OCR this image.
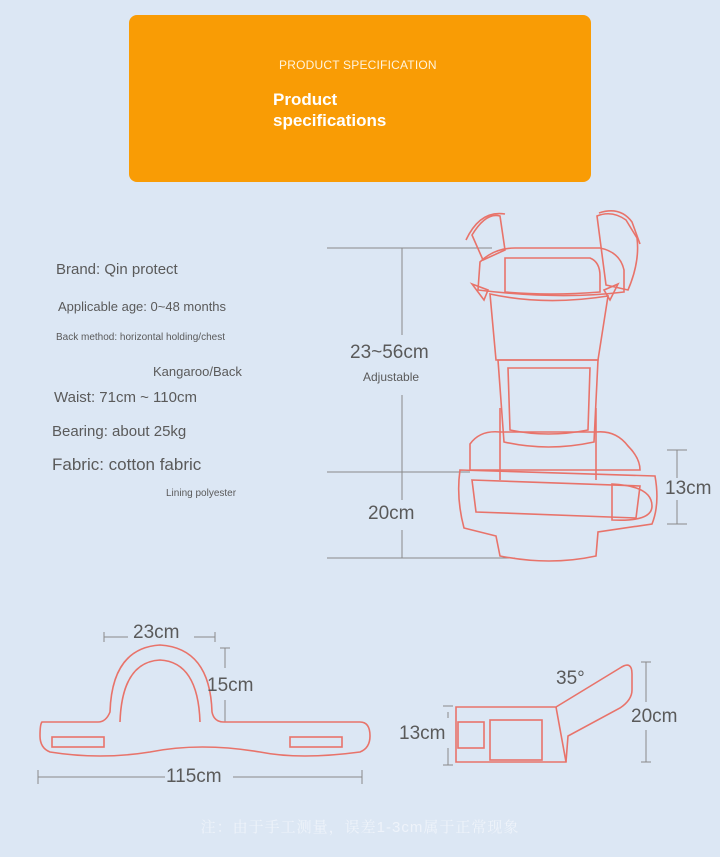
PRODUCT SPECIFICATION
Product
specifications
Brand: Qin protect
Applicable age: 0~48 months
Back method: horizontal holding/chest
Kangaroo/Back
Waist: 71cm ~ 110cm
Bearing: about 25kg
Fabric: cotton fabric
Lining polyester
23~56cm
Adjustable
20cm
13cm
23cm
15cm
115cm
35°
13cm
20cm
注：由于手工测量，误差1-3cm属于正常现象
